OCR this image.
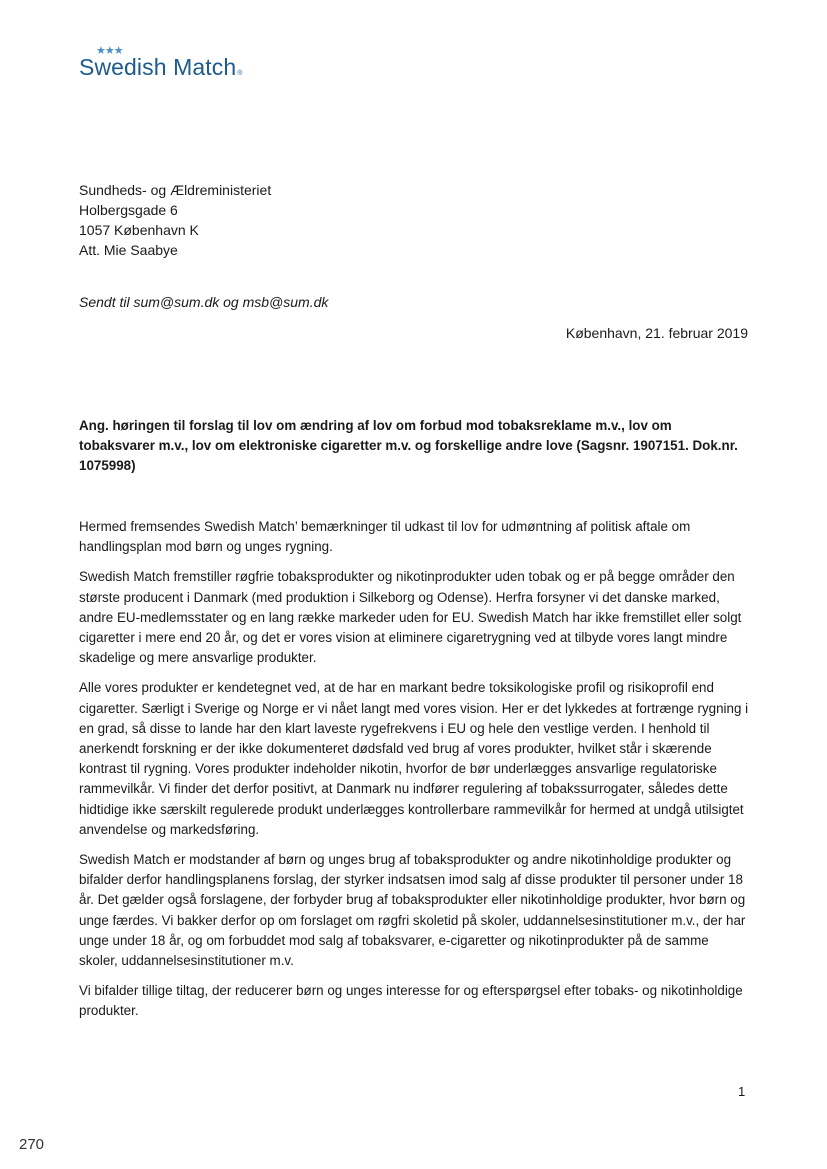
★★★
Swedish Match®
Sundheds- og Ældreministeriet
Holbergsgade 6
1057 København K
Att. Mie Saabye
Sendt til sum@sum.dk og msb@sum.dk
København, 21. februar 2019
Ang. høringen til forslag til lov om ændring af lov om forbud mod tobaksreklame m.v., lov om tobaksvarer m.v., lov om elektroniske cigaretter m.v. og forskellige andre love (Sagsnr. 1907151. Dok.nr. 1075998)

Hermed fremsendes Swedish Match’ bemærkninger til udkast til lov for udmøntning af politisk aftale om handlingsplan mod børn og unges rygning.

Swedish Match fremstiller røgfrie tobaksprodukter og nikotinprodukter uden tobak og er på begge områder den største producent i Danmark (med produktion i Silkeborg og Odense). Herfra forsyner vi det danske marked, andre EU-medlemsstater og en lang række markeder uden for EU. Swedish Match har ikke fremstillet eller solgt cigaretter i mere end 20 år, og det er vores vision at eliminere cigaretrygning ved at tilbyde vores langt mindre skadelige og mere ansvarlige produkter.

Alle vores produkter er kendetegnet ved, at de har en markant bedre toksikologiske profil og risikoprofil end cigaretter. Særligt i Sverige og Norge er vi nået langt med vores vision. Her er det lykkedes at fortrænge rygning i en grad, så disse to lande har den klart laveste rygefrekvens i EU og hele den vestlige verden. I henhold til anerkendt forskning er der ikke dokumenteret dødsfald ved brug af vores produkter, hvilket står i skærende kontrast til rygning. Vores produkter indeholder nikotin, hvorfor de bør underlægges ansvarlige regulatoriske rammevilkår. Vi finder det derfor positivt, at Danmark nu indfører regulering af tobakssurrogater, således dette hidtidige ikke særskilt regulerede produkt underlægges kontrollerbare rammevilkår for hermed at undgå utilsigtet anvendelse og markedsføring.

Swedish Match er modstander af børn og unges brug af tobaksprodukter og andre nikotinholdige produkter og bifalder derfor handlingsplanens forslag, der styrker indsatsen imod salg af disse produkter til personer under 18 år. Det gælder også forslagene, der forbyder brug af tobaksprodukter eller nikotinholdige produkter, hvor børn og unge færdes. Vi bakker derfor op om forslaget om røgfri skoletid på skoler, uddannelsesinstitutioner m.v., der har unge under 18 år, og om forbuddet mod salg af tobaksvarer, e-cigaretter og nikotinprodukter på de samme skoler, uddannelsesinstitutioner m.v.

Vi bifalder tillige tiltag, der reducerer børn og unges interesse for og efterspørgsel efter tobaks- og nikotinholdige produkter.

1
270
